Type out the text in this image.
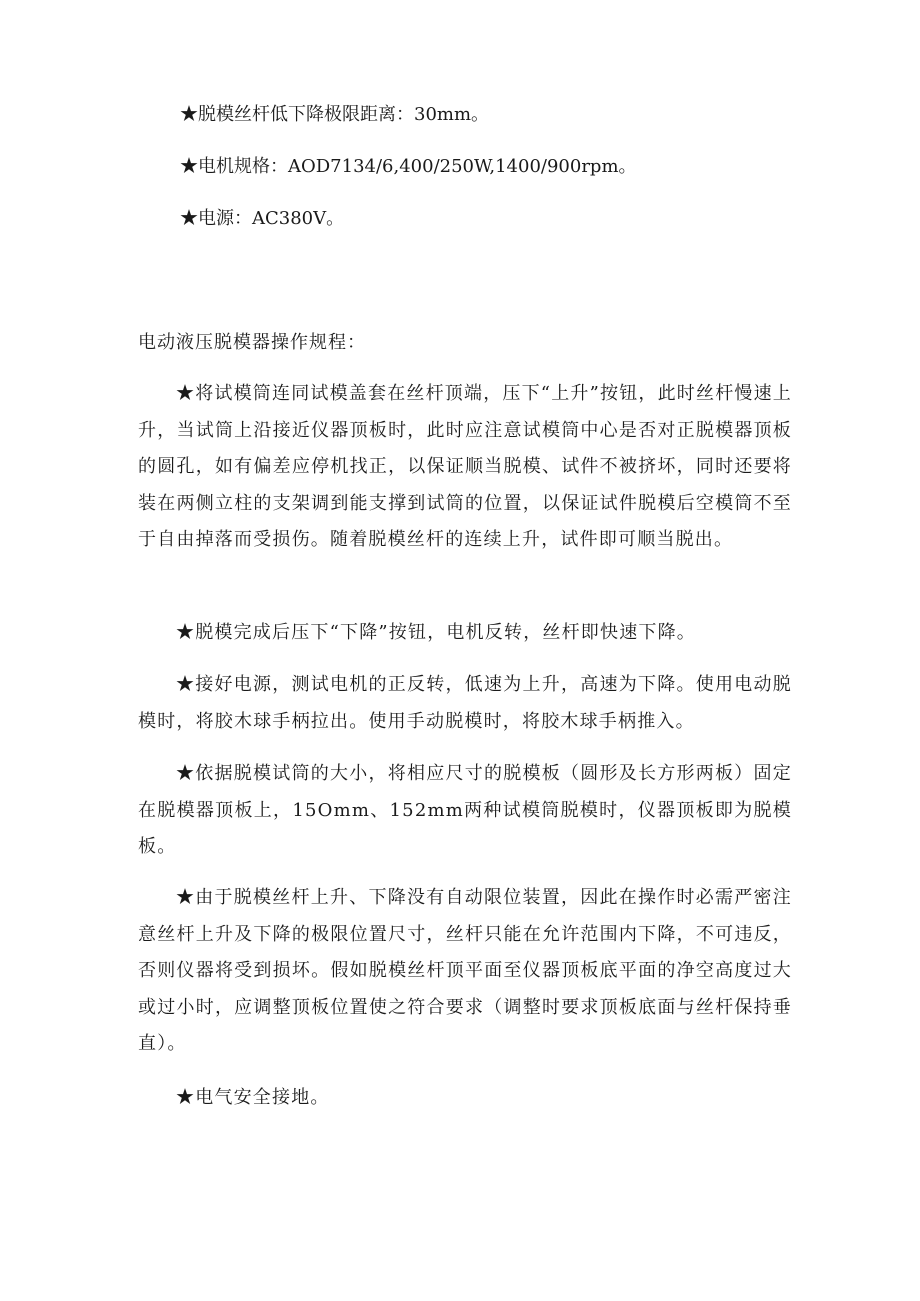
★脱模丝杆低下降极限距离：30mm。
★电机规格：AOD7134/6,400/250W,1400/900rpm。
★电源：AC380V。
电动液压脱模器操作规程：
★将试模筒连同试模盖套在丝杆顶端，压下“上升”按钮，此时丝杆慢速上升，当试筒上沿接近仪器顶板时，此时应注意试模筒中心是否对正脱模器顶板的圆孔，如有偏差应停机找正，以保证顺当脱模、试件不被挤坏，同时还要将装在两侧立柱的支架调到能支撑到试筒的位置，以保证试件脱模后空模筒不至于自由掉落而受损伤。随着脱模丝杆的连续上升，试件即可顺当脱出。
★脱模完成后压下“下降”按钮，电机反转，丝杆即快速下降。
★接好电源，测试电机的正反转，低速为上升，高速为下降。使用电动脱模时，将胶木球手柄拉出。使用手动脱模时，将胶木球手柄推入。
★依据脱模试筒的大小，将相应尺寸的脱模板（圆形及长方形两板）固定在脱模器顶板上，15Omm、152mm两种试模筒脱模时，仪器顶板即为脱模板。
★由于脱模丝杆上升、下降没有自动限位装置，因此在操作时必需严密注意丝杆上升及下降的极限位置尺寸，丝杆只能在允许范围内下降，不可违反，否则仪器将受到损坏。假如脱模丝杆顶平面至仪器顶板底平面的净空高度过大或过小时，应调整顶板位置使之符合要求（调整时要求顶板底面与丝杆保持垂直）。
★电气安全接地。
